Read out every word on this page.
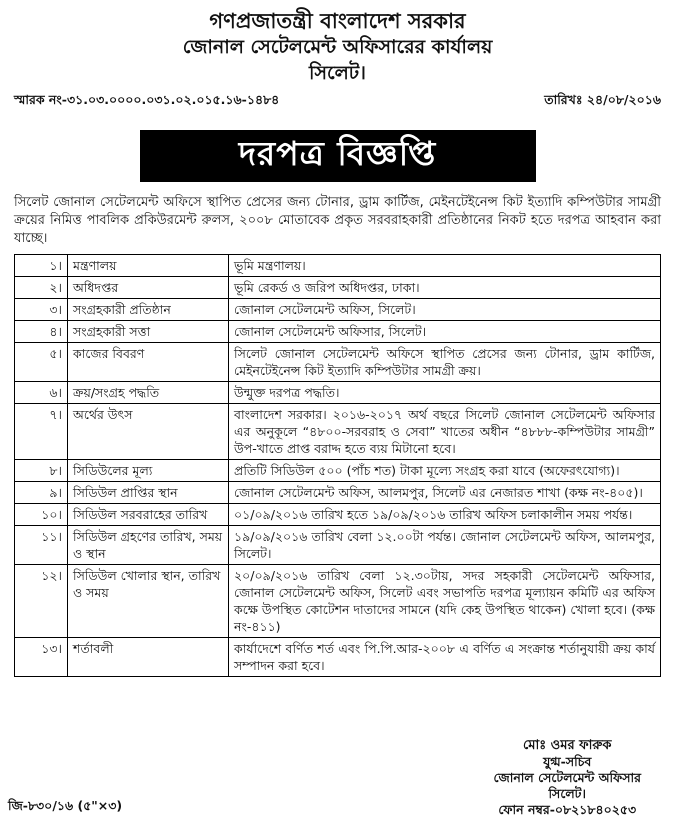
গণপ্রজাতন্ত্রী বাংলাদেশ সরকার
জোনাল সেটেলমেন্ট অফিসারের কার্যালয়
সিলেট।
স্মারক নং-৩১.০৩.০০০০.০৩১.০২.০১৫.১৬-১৪৮৪	তারিখঃ ২৪/০৮/২০১৬
দরপত্র বিজ্ঞপ্তি
সিলেট জোনাল সেটেলমেন্ট অফিসে স্থাপিত প্রেসের জন্য টোনার, ড্রাম কার্টিজ, মেইনটেইনেন্স কিট ইত্যাদি কম্পিউটার সামগ্রী ক্রয়ের নিমিত্ত পাবলিক প্রকিউরমেন্ট রুলস, ২০০৮ মোতাবেক প্রকৃত সরবরাহকারী প্রতিষ্ঠানের নিকট হতে দরপত্র আহবান করা যাচ্ছে।
১।	মন্ত্রণালয়	ভূমি মন্ত্রণালয়।
২।	অধিদপ্তর	ভূমি রেকর্ড ও জরিপ অধিদপ্তর, ঢাকা।
৩।	সংগ্রহকারী প্রতিষ্ঠান	জোনাল সেটেলমেন্ট অফিস, সিলেট।
৪।	সংগ্রহকারী সত্তা	জোনাল সেটেলমেন্ট অফিসার, সিলেট।
৫।	কাজের বিবরণ	সিলেট জোনাল সেটেলমেন্ট অফিসে স্থাপিত প্রেসের জন্য টোনার, ড্রাম কার্টিজ, মেইনটেইনেন্স কিট ইত্যাদি কম্পিউটার সামগ্রী ক্রয়।
৬।	ক্রয়/সংগ্রহ পদ্ধতি	উন্মুক্ত দরপত্র পদ্ধতি।
৭।	অর্থের উৎস	বাংলাদেশ সরকার। ২০১৬-২০১৭ অর্থ বছরে সিলেট জোনাল সেটেলমেন্ট অফিসার এর অনুকূলে “৪৮০০-সরবরাহ ও সেবা” খাতের অধীন “৪৮৮৮-কম্পিউটার সামগ্রী” উপ-খাতে প্রাপ্ত বরাদ্দ হতে ব্যয় মিটানো হবে।
৮।	সিডিউলের মূল্য	প্রতিটি সিডিউল ৫০০ (পাঁচ শত) টাকা মূল্যে সংগ্রহ করা যাবে (অফেরৎযোগ্য)।
৯।	সিডিউল প্রাপ্তির স্থান	জোনাল সেটেলমেন্ট অফিস, আলমপুর, সিলেট এর নেজারত শাখা (কক্ষ নং-৪০৫)।
১০।	সিডিউল সরবরাহের তারিখ	০১/০৯/২০১৬ তারিখ হতে ১৯/০৯/২০১৬ তারিখ অফিস চলাকালীন সময় পর্যন্ত।
১১।	সিডিউল গ্রহণের তারিখ, সময় ও স্থান	১৯/০৯/২০১৬ তারিখ বেলা ১২.০০টা পর্যন্ত। জোনাল সেটেলমেন্ট অফিস, আলমপুর, সিলেট।
১২।	সিডিউল খোলার স্থান, তারিখ ও সময়	২০/০৯/২০১৬ তারিখ বেলা ১২.৩০টায়, সদর সহকারী সেটেলমেন্ট অফিসার, জোনাল সেটেলমেন্ট অফিস, সিলেট এবং সভাপতি দরপত্র মূল্যায়ন কমিটি এর অফিস কক্ষে উপস্থিত কোটেশন দাতাদের সামনে (যদি কেহ উপস্থিত থাকেন) খোলা হবে। (কক্ষ নং-৪১১)
১৩।	শর্তাবলী	কার্যাদেশে বর্ণিত শর্ত এবং পি.পি.আর-২০০৮ এ বর্ণিত এ সংক্রান্ত শর্তানুযায়ী ক্রয় কার্য সম্পাদন করা হবে।
মোঃ ওমর ফারুক
যুগ্ম-সচিব
জোনাল সেটেলমেন্ট অফিসার
সিলেট।
ফোন নম্বর-০৮২১৮৪০২৫৩
জি-৮৩০/১৬ (৫"×৩)
